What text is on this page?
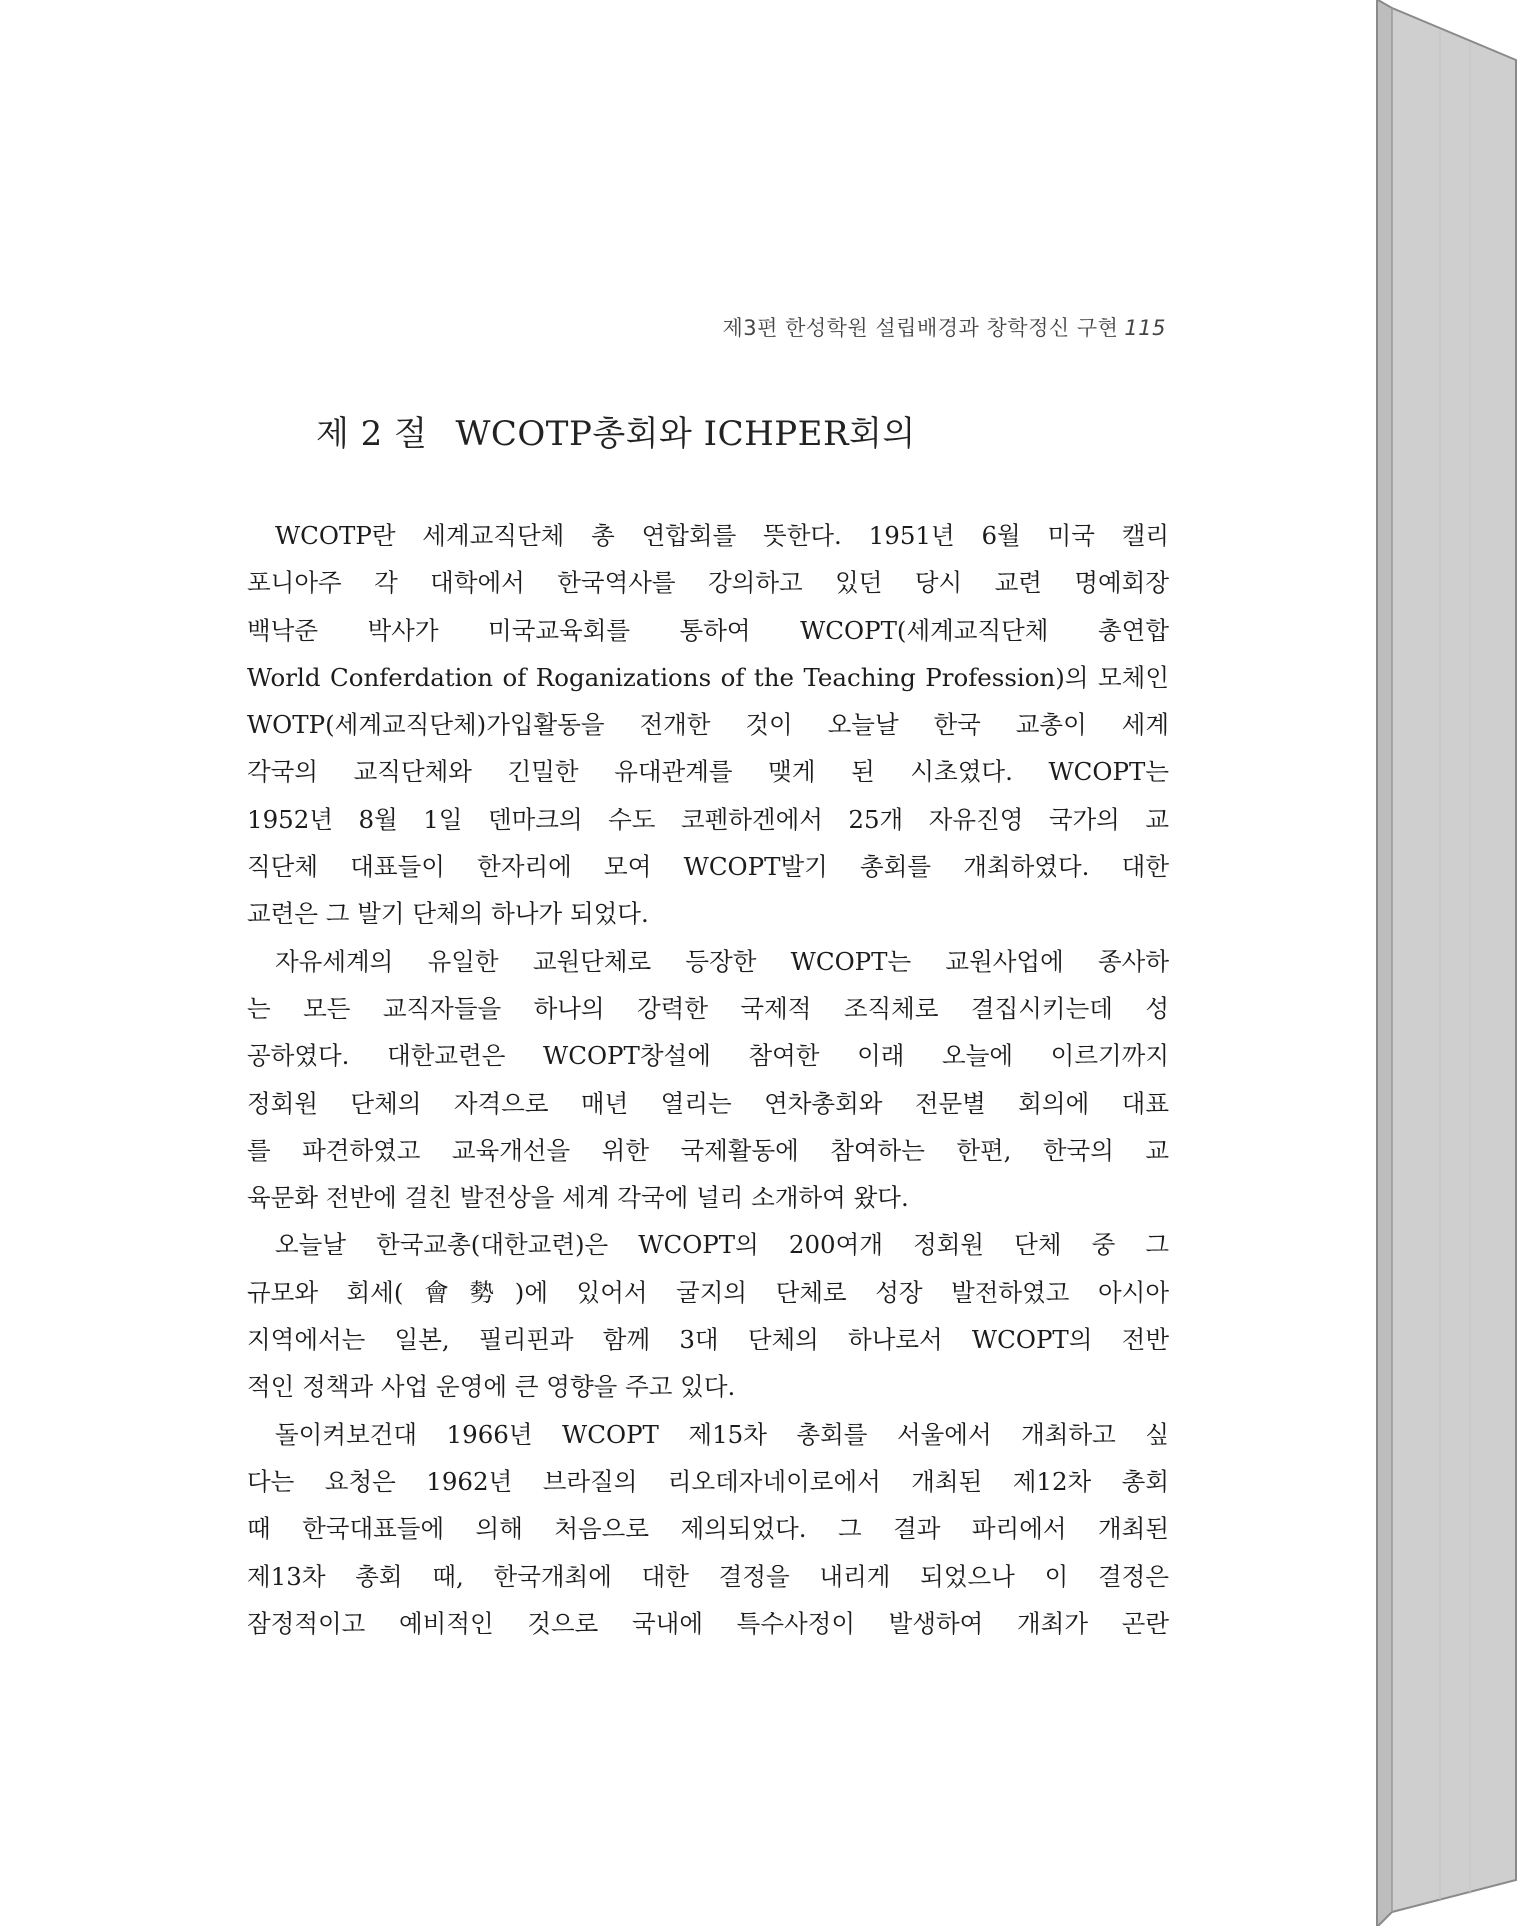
제3편 한성학원 설립배경과 창학정신 구현 115
제 2 절 WCOTP총회와 ICHPER회의
WCOTP란 세계교직단체 총 연합회를 뜻한다. 1951년 6월 미국 캘리
포니아주 각 대학에서 한국역사를 강의하고 있던 당시 교련 명예회장
백낙준 박사가 미국교육회를 통하여 WCOPT(세계교직단체 총연합
World Conferdation of Roganizations of the Teaching Profession)의 모체인
WOTP(세계교직단체)가입활동을 전개한 것이 오늘날 한국 교총이 세계
각국의 교직단체와 긴밀한 유대관계를 맺게 된 시초였다. WCOPT는
1952년 8월 1일 덴마크의 수도 코펜하겐에서 25개 자유진영 국가의 교
직단체 대표들이 한자리에 모여 WCOPT발기 총회를 개최하였다. 대한
교련은 그 발기 단체의 하나가 되었다.
자유세계의 유일한 교원단체로 등장한 WCOPT는 교원사업에 종사하
는 모든 교직자들을 하나의 강력한 국제적 조직체로 결집시키는데 성
공하였다. 대한교련은 WCOPT창설에 참여한 이래 오늘에 이르기까지
정회원 단체의 자격으로 매년 열리는 연차총회와 전문별 회의에 대표
를 파견하였고 교육개선을 위한 국제활동에 참여하는 한편, 한국의 교
육문화 전반에 걸친 발전상을 세계 각국에 널리 소개하여 왔다.
오늘날 한국교총(대한교련)은 WCOPT의 200여개 정회원 단체 중 그
규모와 회세(會勢)에 있어서 굴지의 단체로 성장 발전하였고 아시아
지역에서는 일본, 필리핀과 함께 3대 단체의 하나로서 WCOPT의 전반
적인 정책과 사업 운영에 큰 영향을 주고 있다.
돌이켜보건대 1966년 WCOPT 제15차 총회를 서울에서 개최하고 싶
다는 요청은 1962년 브라질의 리오데자네이로에서 개최된 제12차 총회
때 한국대표들에 의해 처음으로 제의되었다. 그 결과 파리에서 개최된
제13차 총회 때, 한국개최에 대한 결정을 내리게 되었으나 이 결정은
잠정적이고 예비적인 것으로 국내에 특수사정이 발생하여 개최가 곤란
